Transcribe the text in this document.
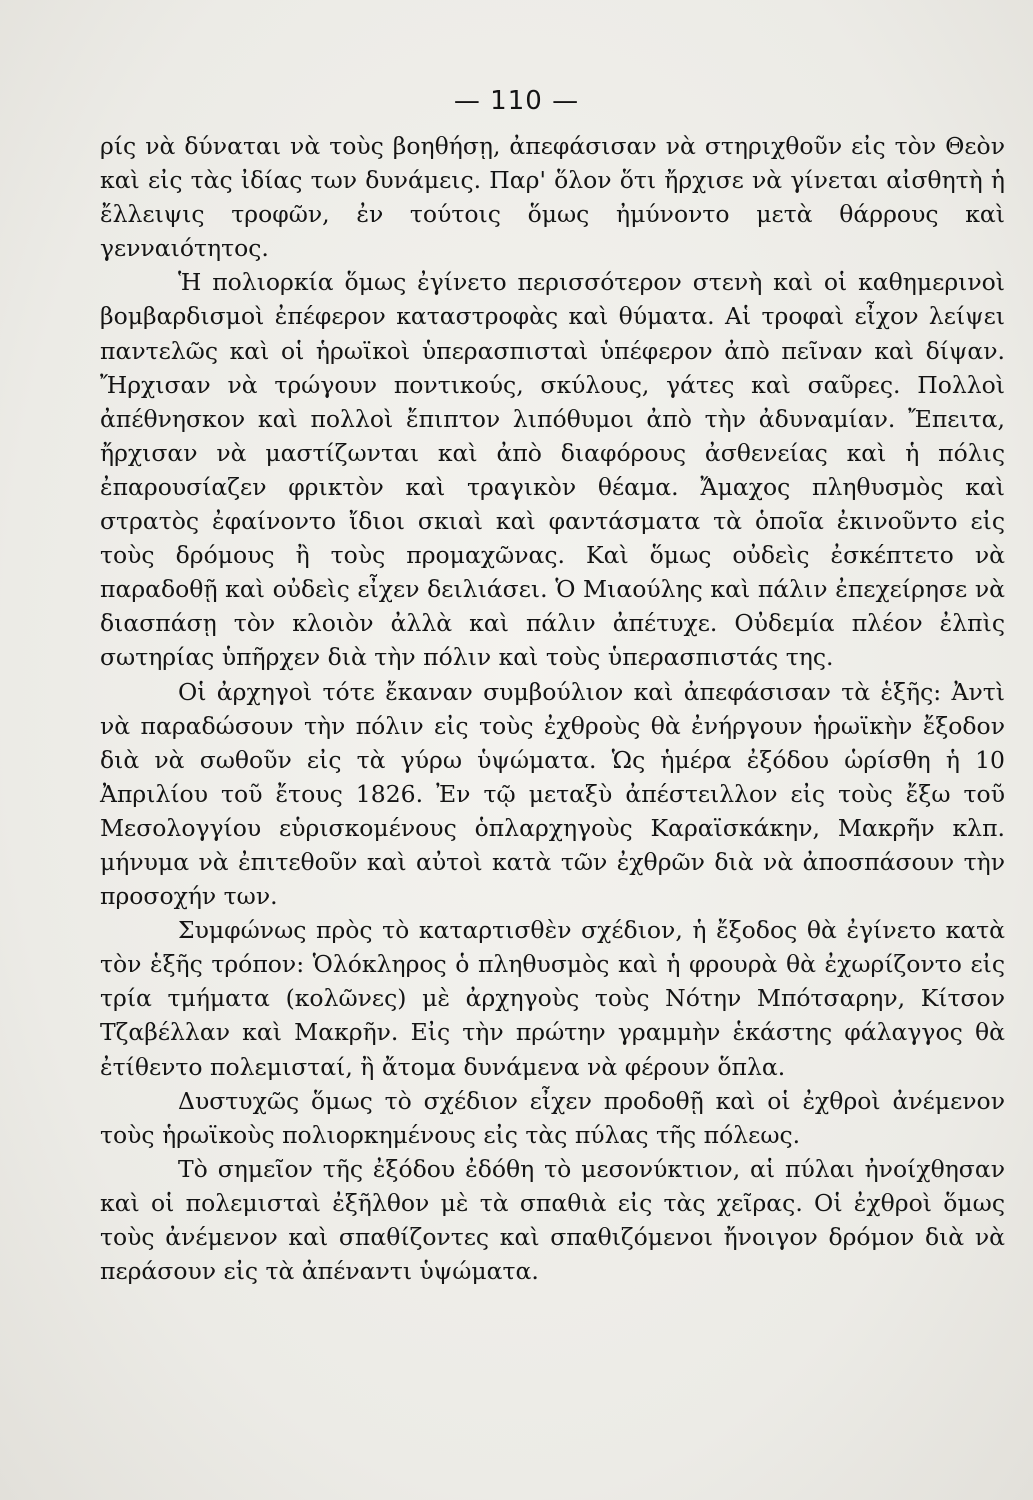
— 110 —

ρίς νὰ δύναται νὰ τοὺς βοηθήσῃ, ἀπεφάσισαν νὰ στηριχθοῦν εἰς τὸν Θεὸν καὶ εἰς τὰς ἰδίας των δυνάμεις. Παρ' ὅλον ὅτι ἤρχισε νὰ γίνεται αἰσθητὴ ἡ ἔλλειψις τροφῶν, ἐν τούτοις ὅμως ἠμύνοντο μετὰ θάρρους καὶ γενναιότητος.

Ἡ πολιορκία ὅμως ἐγίνετο περισσότερον στενὴ καὶ οἱ καθημερινοὶ βομβαρδισμοὶ ἐπέφερον καταστροφὰς καὶ θύματα. Αἱ τροφαὶ εἶχον λείψει παντελῶς καὶ οἱ ἡρωϊκοὶ ὑπερασπισταὶ ὑπέφερον ἀπὸ πεῖναν καὶ δίψαν. Ἤρχισαν νὰ τρώγουν ποντικούς, σκύλους, γάτες καὶ σαῦρες. Πολλοὶ ἀπέθνησκον καὶ πολλοὶ ἔπιπτον λιπόθυμοι ἀπὸ τὴν ἀδυναμίαν. Ἔπειτα, ἤρχισαν νὰ μαστίζωνται καὶ ἀπὸ διαφόρους ἀσθενείας καὶ ἡ πόλις ἐπαρουσίαζεν φρικτὸν καὶ τραγικὸν θέαμα. Ἄμαχος πληθυσμὸς καὶ στρατὸς ἐφαίνοντο ἴδιοι σκιαὶ καὶ φαντάσματα τὰ ὁποῖα ἐκινοῦντο εἰς τοὺς δρόμους ἢ τοὺς προμαχῶνας. Καὶ ὅμως οὐδεὶς ἐσκέπτετο νὰ παραδοθῇ καὶ οὐδεὶς εἶχεν δειλιάσει. Ὁ Μιαούλης καὶ πάλιν ἐπεχείρησε νὰ διασπάσῃ τὸν κλοιὸν ἀλλὰ καὶ πάλιν ἀπέτυχε. Οὐδεμία πλέον ἐλπὶς σωτηρίας ὑπῆρχεν διὰ τὴν πόλιν καὶ τοὺς ὑπερασπιστάς της.

Οἱ ἀρχηγοὶ τότε ἔκαναν συμβούλιον καὶ ἀπεφάσισαν τὰ ἑξῆς: Ἀντὶ νὰ παραδώσουν τὴν πόλιν εἰς τοὺς ἐχθροὺς θὰ ἐνήργουν ἡρωϊκὴν ἔξοδον διὰ νὰ σωθοῦν εἰς τὰ γύρω ὑψώματα. Ὡς ἡμέρα ἐξόδου ὡρίσθη ἡ 10 Ἀπριλίου τοῦ ἔτους 1826. Ἐν τῷ μεταξὺ ἀπέστειλλον εἰς τοὺς ἔξω τοῦ Μεσολογγίου εὑρισκομένους ὁπλαρχηγοὺς Καραϊσκάκην, Μακρῆν κλπ. μήνυμα νὰ ἐπιτεθοῦν καὶ αὐτοὶ κατὰ τῶν ἐχθρῶν διὰ νὰ ἀποσπάσουν τὴν προσοχήν των.

Συμφώνως πρὸς τὸ καταρτισθὲν σχέδιον, ἡ ἔξοδος θὰ ἐγίνετο κατὰ τὸν ἑξῆς τρόπον: Ὁλόκληρος ὁ πληθυσμὸς καὶ ἡ φρουρὰ θὰ ἐχωρίζοντο εἰς τρία τμήματα (κολῶνες) μὲ ἀρχηγοὺς τοὺς Νότην Μπότσαρην, Κίτσον Τζαβέλλαν καὶ Μακρῆν. Εἰς τὴν πρώτην γραμμὴν ἑκάστης φάλαγγος θὰ ἐτίθεντο πολεμισταί, ἢ ἄτομα δυνάμενα νὰ φέρουν ὅπλα.

Δυστυχῶς ὅμως τὸ σχέδιον εἶχεν προδοθῇ καὶ οἱ ἐχθροὶ ἀνέμενον τοὺς ἡρωϊκοὺς πολιορκημένους εἰς τὰς πύλας τῆς πόλεως.

Τὸ σημεῖον τῆς ἐξόδου ἐδόθη τὸ μεσονύκτιον, αἱ πύλαι ἠνοίχθησαν καὶ οἱ πολεμισταὶ ἐξῆλθον μὲ τὰ σπαθιὰ εἰς τὰς χεῖρας. Οἱ ἐχθροὶ ὅμως τοὺς ἀνέμενον καὶ σπαθίζοντες καὶ σπαθιζόμενοι ἤνοιγον δρόμον διὰ νὰ περάσουν εἰς τὰ ἀπέναντι ὑψώματα.
